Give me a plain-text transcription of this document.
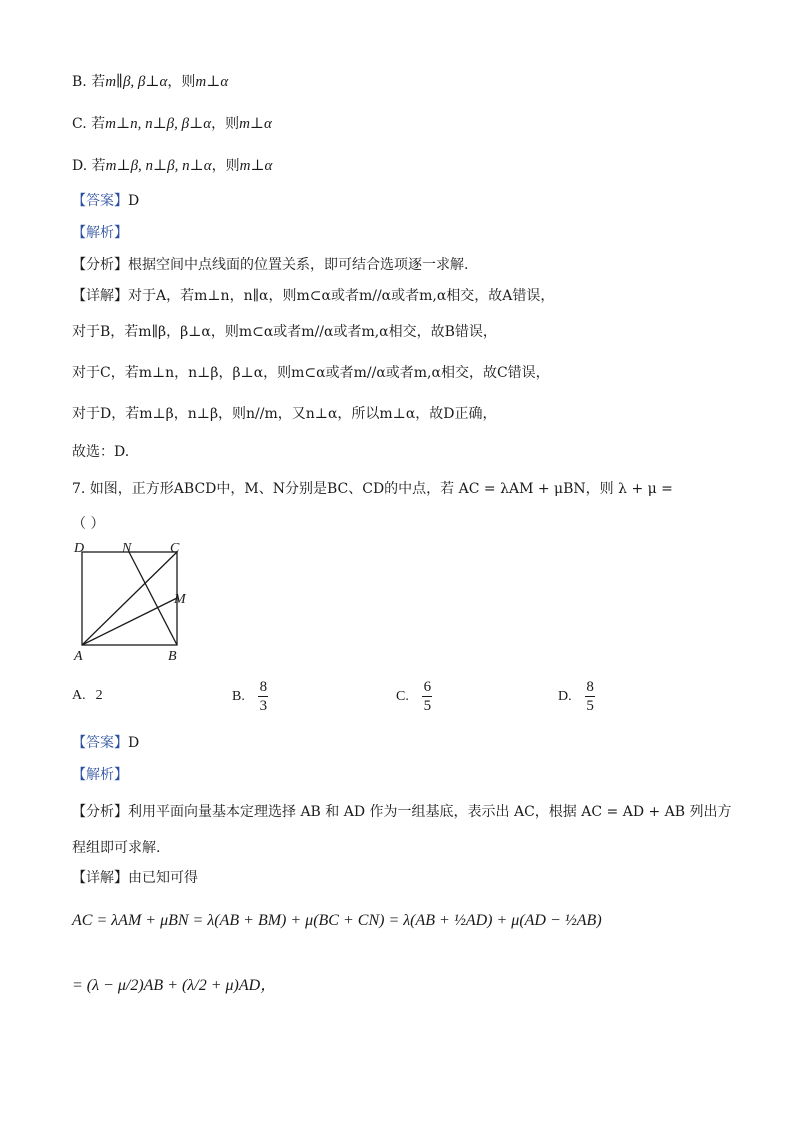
B. 若m∥β, β⊥α，则m⊥α
C. 若m⊥n, n⊥β, β⊥α，则m⊥α
D. 若m⊥β, n⊥β, n⊥α，则m⊥α
【答案】D
【解析】
【分析】根据空间中点线面的位置关系，即可结合选项逐一求解.
【详解】对于A，若m⊥n，n∥α，则m⊂α或者m//α或者m,α相交，故A错误，
对于B，若m∥β，β⊥α，则m⊂α或者m//α或者m,α相交，故B错误，
对于C，若m⊥n，n⊥β，β⊥α，则m⊂α或者m//α或者m,α相交，故C错误，
对于D，若m⊥β，n⊥β，则n//m，又n⊥α，所以m⊥α，故D正确，
故选：D.
7. 如图，正方形ABCD中，M、N分别是BC、CD的中点，若 AC = λAM + μBN，则 λ + μ =
（ ）
D	N	C
M
A	B
A. 2	B. $\frac{8}{3}$	C. $\frac{6}{5}$	D. $\frac{8}{5}$
【答案】D
【解析】
【分析】利用平面向量基本定理选择 AB 和 AD 作为一组基底，表示出 AC，根据 AC = AD + AB 列出方
程组即可求解.
【详解】由已知可得
AC = λAM + μBN = λ(AB + BM) + μ(BC + CN) = λ(AB + ½AD) + μ(AD − ½AB)
= (λ − μ/2)AB + (λ/2 + μ)AD，
